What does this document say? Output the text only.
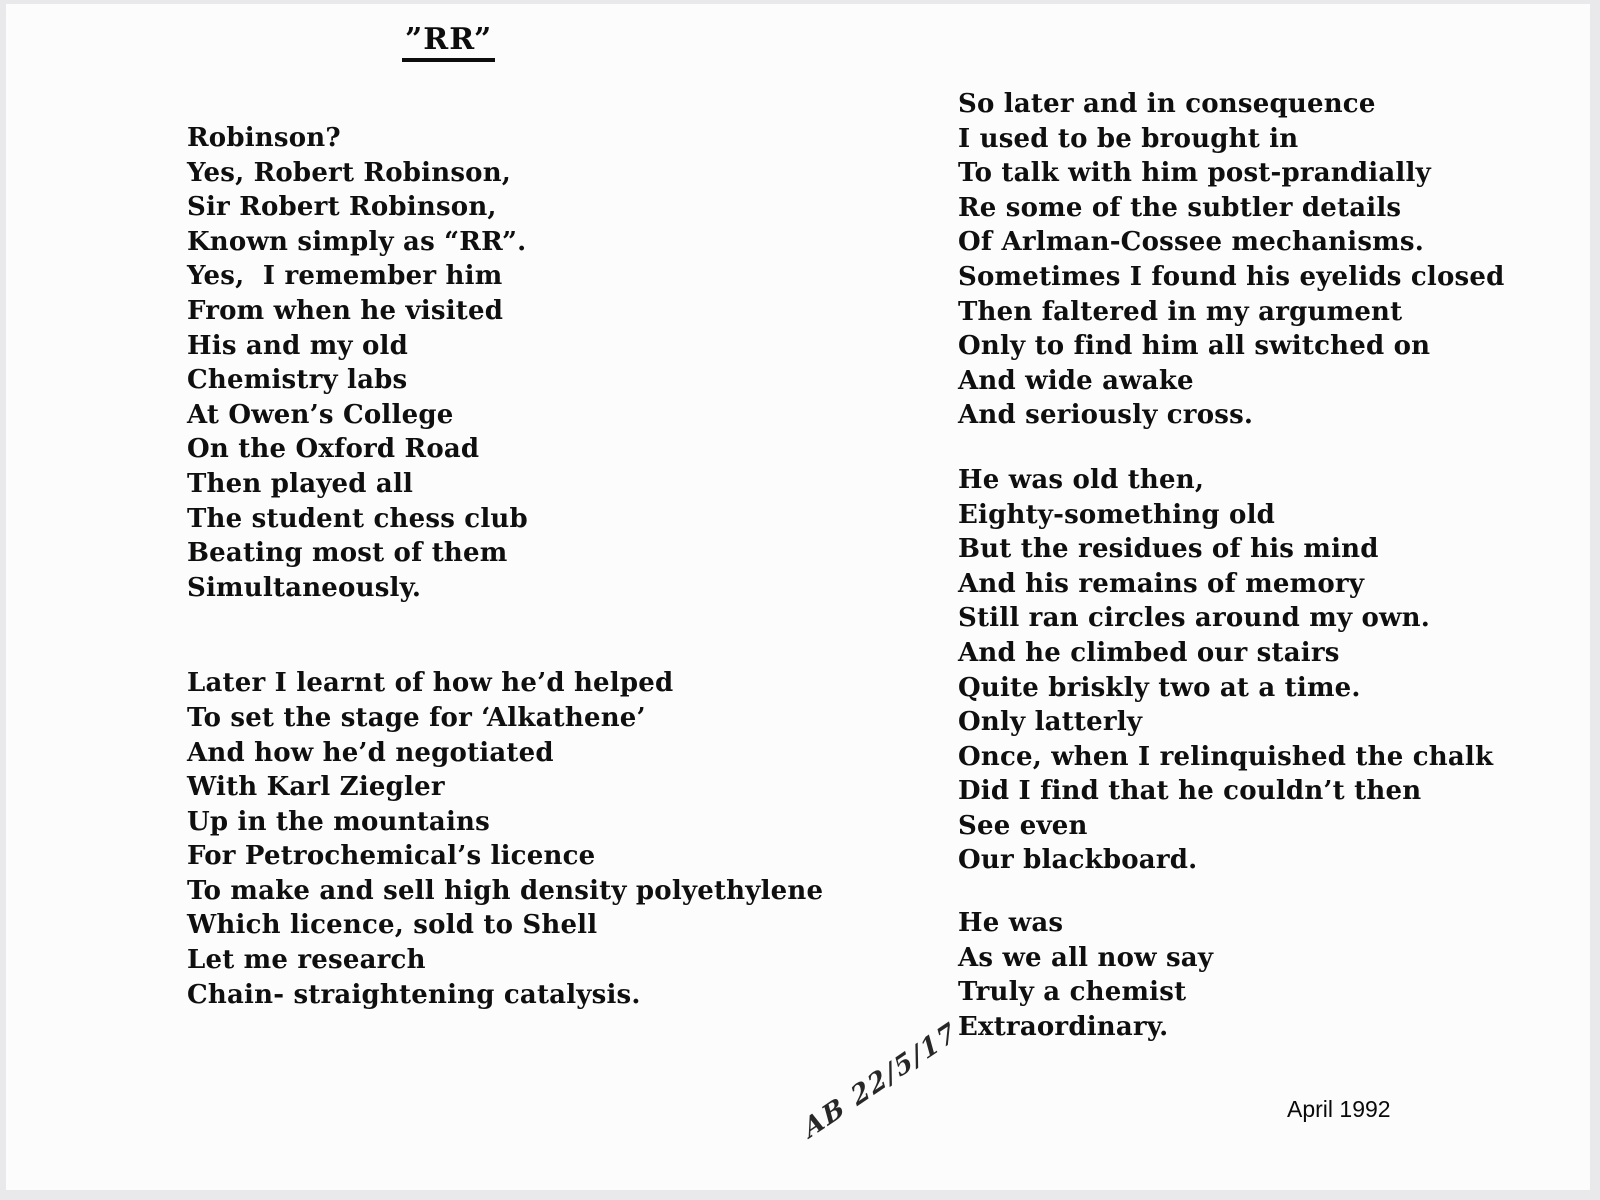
”RR”
Robinson?
Yes, Robert Robinson,
Sir Robert Robinson,
Known simply as “RR”.
Yes,  I remember him
From when he visited
His and my old
Chemistry labs
At Owen’s College
On the Oxford Road
Then played all
The student chess club
Beating most of them
Simultaneously.
Later I learnt of how he’d helped
To set the stage for ‘Alkathene’
And how he’d negotiated
With Karl Ziegler
Up in the mountains
For Petrochemical’s licence
To make and sell high density polyethylene
Which licence, sold to Shell
Let me research
Chain- straightening catalysis.
So later and in consequence
I used to be brought in
To talk with him post-prandially
Re some of the subtler details
Of Arlman-Cossee mechanisms.
Sometimes I found his eyelids closed
Then faltered in my argument
Only to find him all switched on
And wide awake
And seriously cross.
He was old then,
Eighty-something old
But the residues of his mind
And his remains of memory
Still ran circles around my own.
And he climbed our stairs
Quite briskly two at a time.
Only latterly
Once, when I relinquished the chalk
Did I find that he couldn’t then
See even
Our blackboard.
He was
As we all now say
Truly a chemist
Extraordinary.
AB 22/5/17	April 1992
